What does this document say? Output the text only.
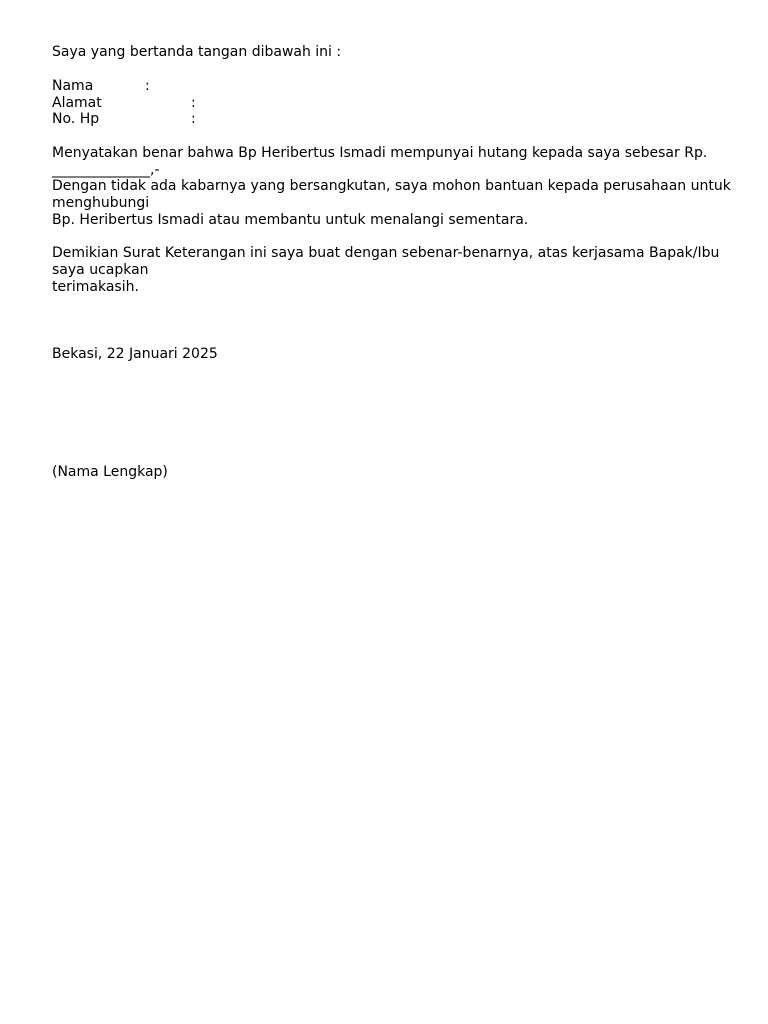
Saya yang bertanda tangan dibawah ini :

Nama	:

Alamat	:

No. Hp	:

Menyatakan benar bahwa Bp Heribertus Ismadi mempunyai hutang kepada saya sebesar Rp.

______________,-

Dengan tidak ada kabarnya yang bersangkutan, saya mohon bantuan kepada perusahaan untuk

menghubungi

Bp. Heribertus Ismadi atau membantu untuk menalangi sementara.

Demikian Surat Keterangan ini saya buat dengan sebenar-benarnya, atas kerjasama Bapak/Ibu

saya ucapkan

terimakasih.

Bekasi, 22 Januari 2025

(Nama Lengkap)
